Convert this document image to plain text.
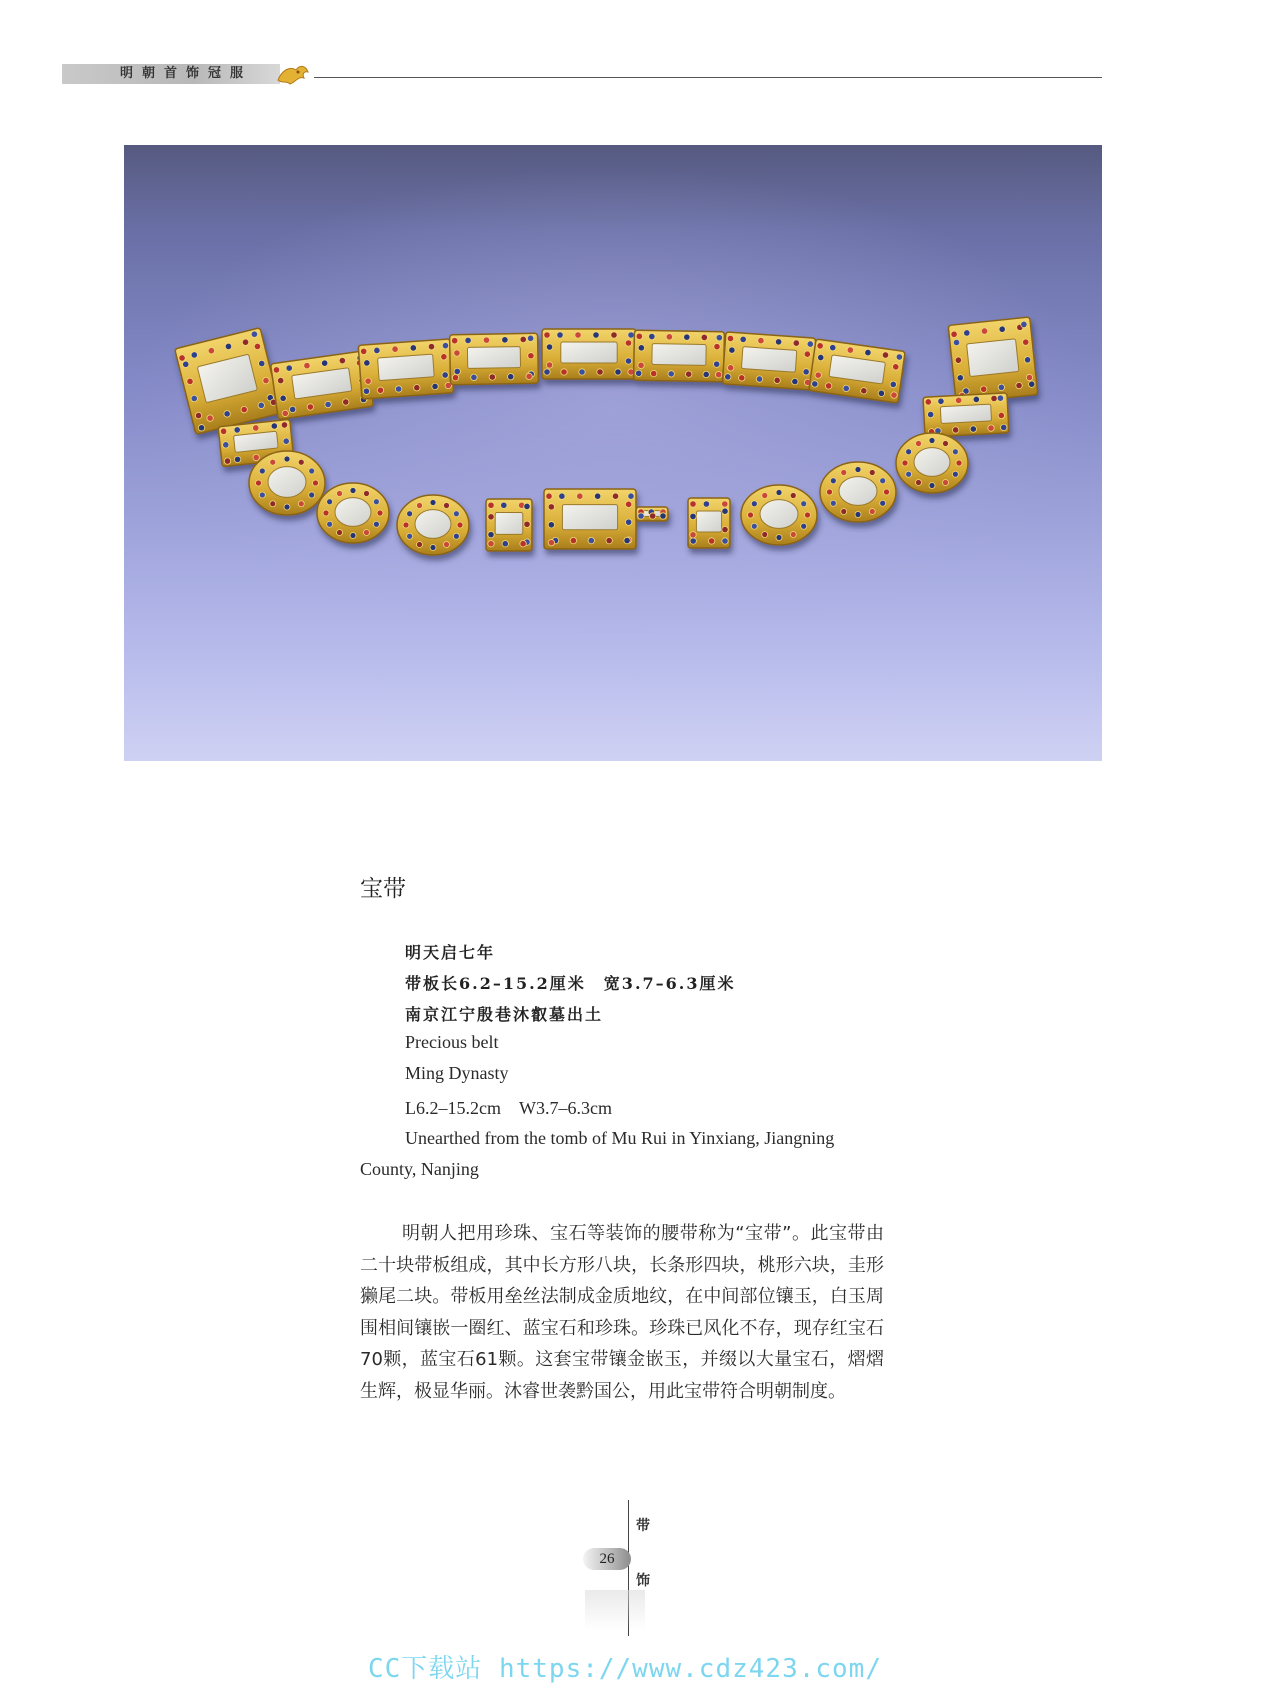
明朝首饰冠服
宝带
明天启七年
带板长6.2–15.2厘米　宽3.7–6.3厘米
南京江宁殷巷沐叡墓出土
Precious belt
Ming Dynasty
L6.2–15.2cm　W3.7–6.3cm
Unearthed from the tomb of Mu Rui in Yinxiang, Jiangning County, Nanjing
明朝人把用珍珠、宝石等装饰的腰带称为“宝带”。此宝带由二十块带板组成，其中长方形八块，长条形四块，桃形六块，圭形獭尾二块。带板用垒丝法制成金质地纹，在中间部位镶玉，白玉周围相间镶嵌一圈红、蓝宝石和珍珠。珍珠已风化不存，现存红宝石70颗，蓝宝石61颗。这套宝带镶金嵌玉，并缀以大量宝石，熠熠生辉，极显华丽。沐睿世袭黔国公，用此宝带符合明朝制度。
26
带
饰
CC下载站 https://www.cdz423.com/
